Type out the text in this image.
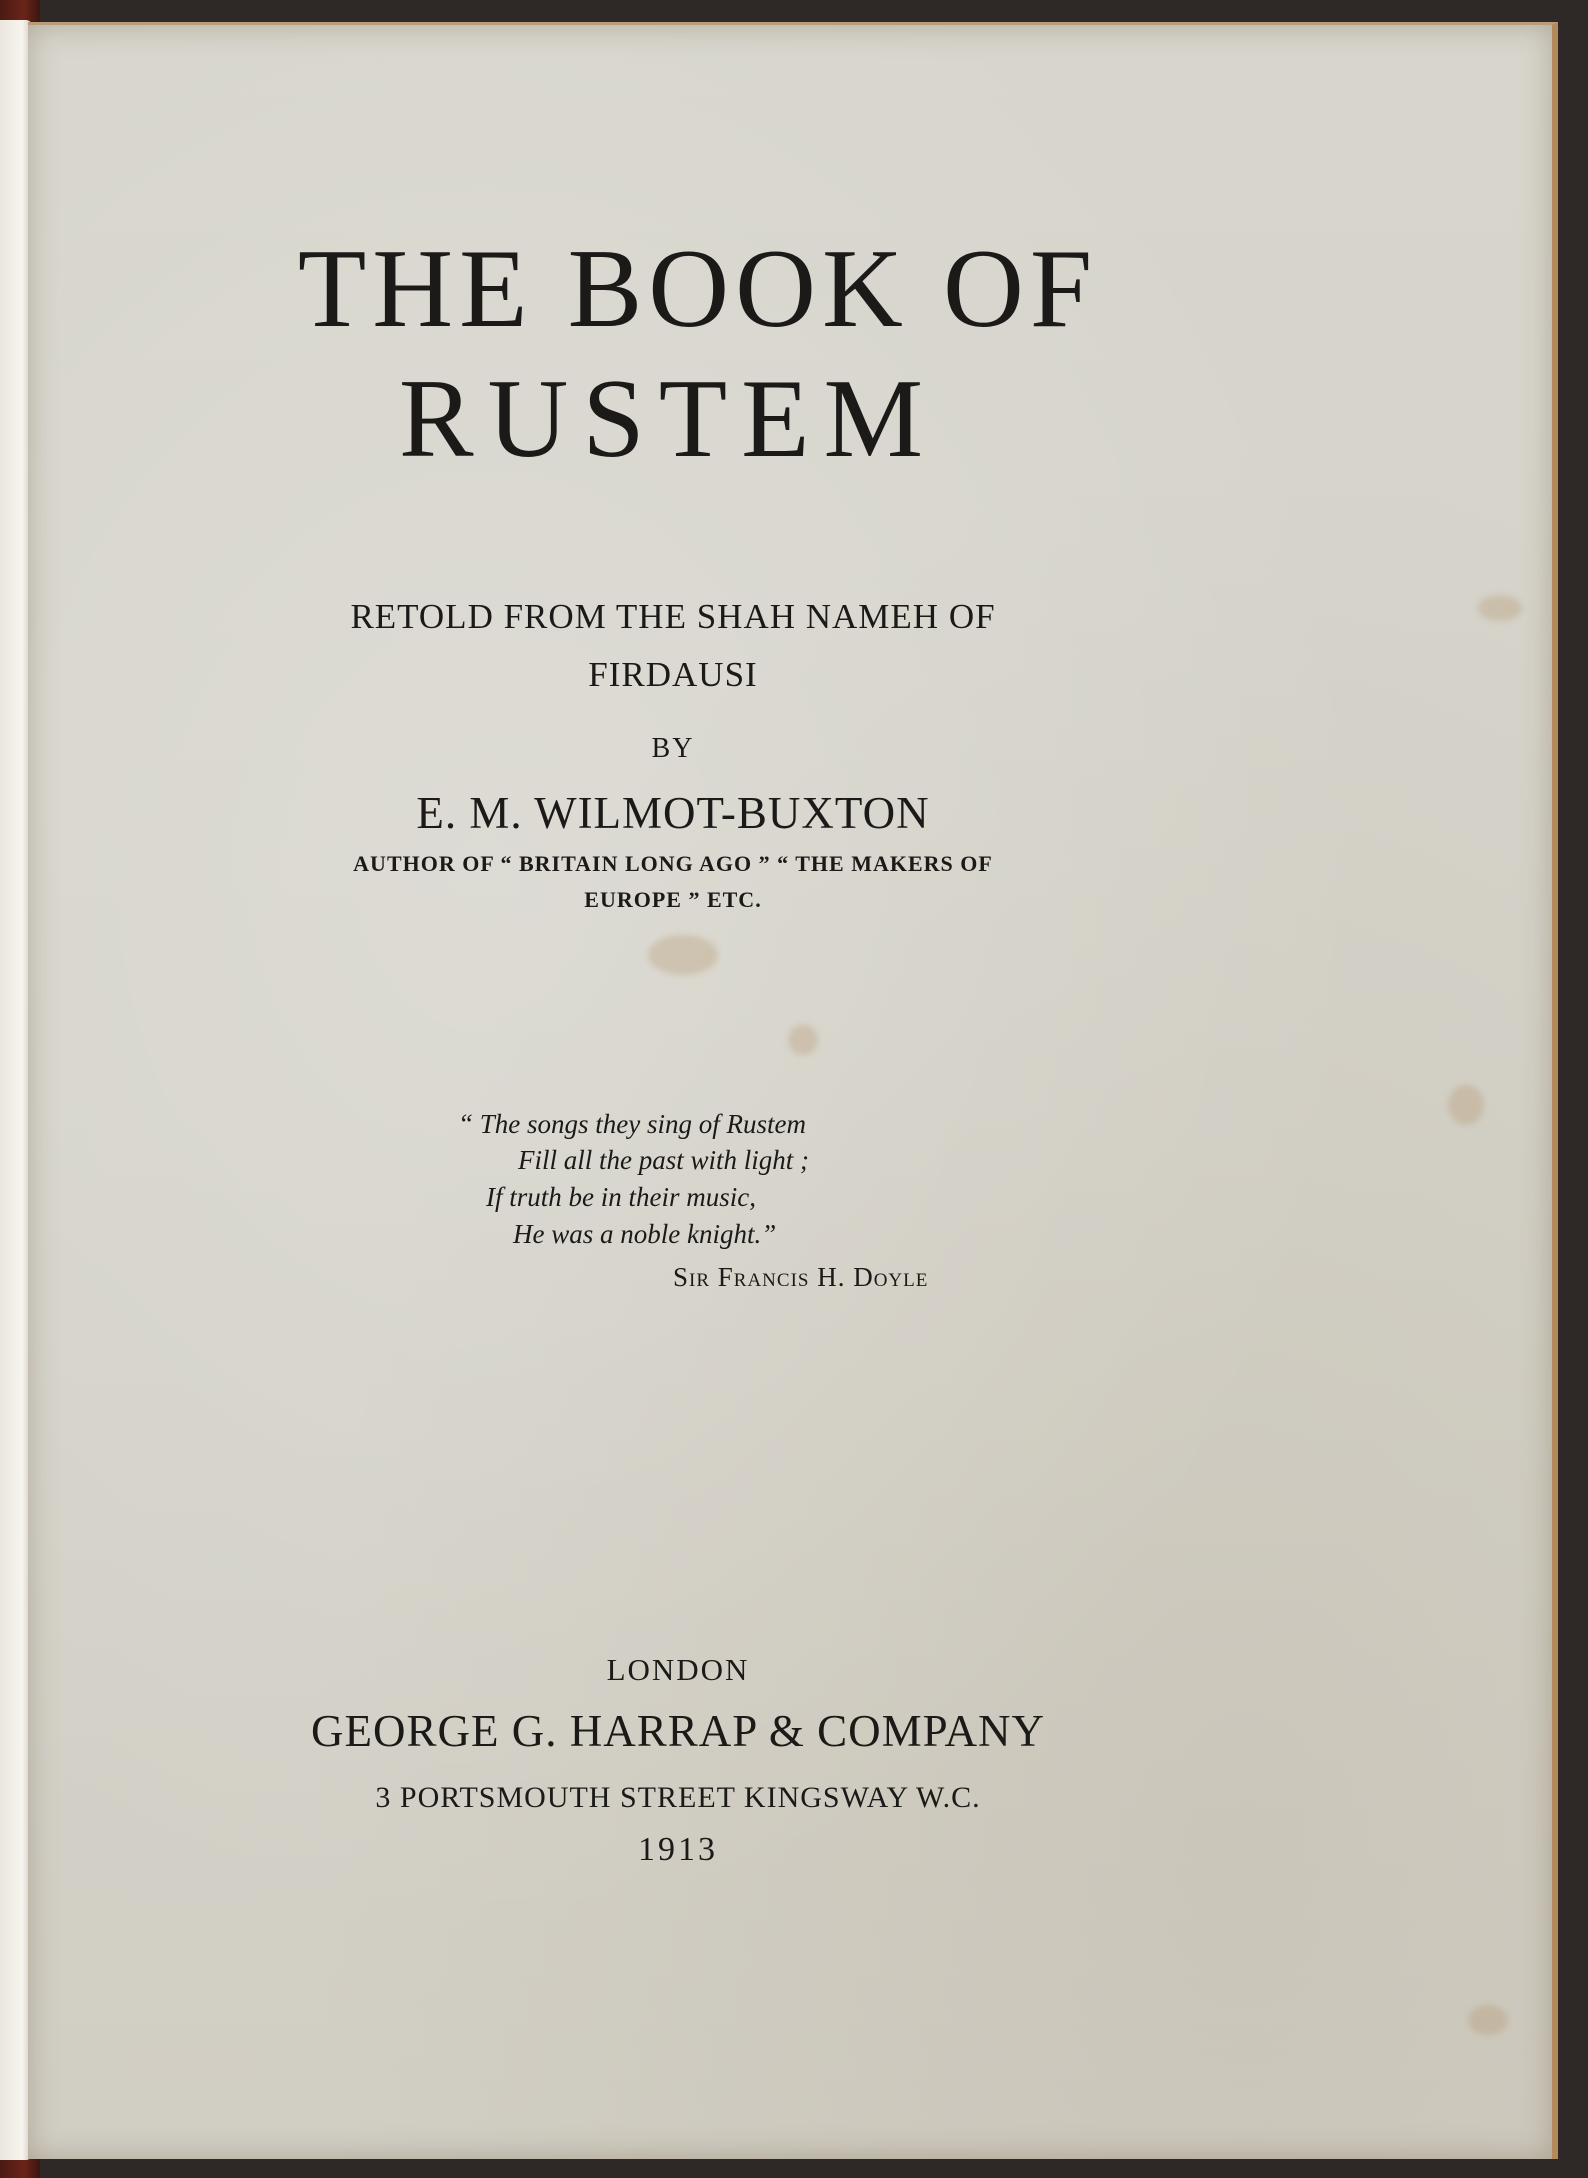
THE BOOK OF
RUSTEM
RETOLD FROM THE SHAH NAMEH OF
FIRDAUSI
BY
E. M. WILMOT-BUXTON
AUTHOR OF “ BRITAIN LONG AGO ” “ THE MAKERS OF
EUROPE ” ETC.
“ The songs they sing of Rustem
Fill all the past with light ;
If truth be in their music,
He was a noble knight.”
Sir Francis H. Doyle
LONDON
GEORGE G. HARRAP & COMPANY
3 PORTSMOUTH STREET KINGSWAY W.C.
1913
